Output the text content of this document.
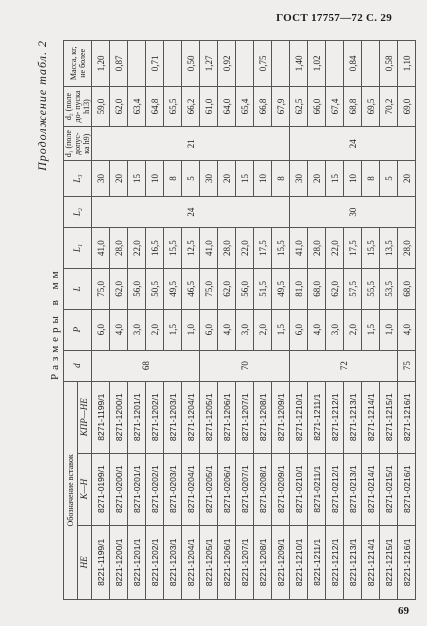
ГОСТ 17757—72 С. 29
Продолжение табл. 2
Размеры в мм
Обозначение вставок			d	P	L	L₁	L₂	L₃	d₁ (поле допус- ка h9)	d₂ (поле до- пуска h13)	Масса, кг, не более
НЕ	К—Н	КПР—НЕ									
8221-1199/1	8271-0199/1	8271-1199/1	68	6,0	75,0	41,0	24	30	21	59,0	1,20
8221-1200/1	8271-0200/1	8271-1200/1		4,0	62,0	28,0		20		62,0	0,87
8221-1201/1	8271-0201/1	8271-1201/1		3,0	56,0	22,0		15		63,4	
8221-1202/1	8271-0202/1	8271-1202/1		2,0	50,5	16,5		10		64,8	0,71
8221-1203/1	8271-0203/1	8271-1203/1		1,5	49,5	15,5		8		65,5	
8221-1204/1	8271-0204/1	8271-1204/1		1,0	46,5	12,5		5		66,2	0,50
8221-1205/1	8271-0205/1	8271-1205/1	70	6,0	75,0	41,0		30		61,0	1,27
8221-1206/1	8271-0206/1	8271-1206/1		4,0	62,0	28,0		20		64,0	0,92
8221-1207/1	8271-0207/1	8271-1207/1		3,0	56,0	22,0		15		65,4	
8221-1208/1	8271-0208/1	8271-1208/1		2,0	51,5	17,5		10		66,8	0,75
8221-1209/1	8271-0209/1	8271-1209/1		1,5	49,5	15,5		8		67,9	
8221-1210/1	8271-0210/1	8271-1210/1	72	6,0	81,0	41,0	30	30	24	62,5	1,40
8221-1211/1	8271-0211/1	8271-1211/1		4,0	68,0	28,0		20		66,0	1,02
8221-1212/1	8271-0212/1	8271-1212/1		3,0	62,0	22,0		15		67,4	
8221-1213/1	8271-0213/1	8271-1213/1		2,0	57,5	17,5		10		68,8	0,84
8221-1214/1	8271-0214/1	8271-1214/1		1,5	55,5	15,5		8		69,5	
8221-1215/1	8271-0215/1	8271-1215/1		1,0	53,5	13,5		5		70,2	0,58
8221-1216/1	8271-0216/1	8271-1216/1	75	4,0	68,0	28,0		20		69,0	1,10
69
